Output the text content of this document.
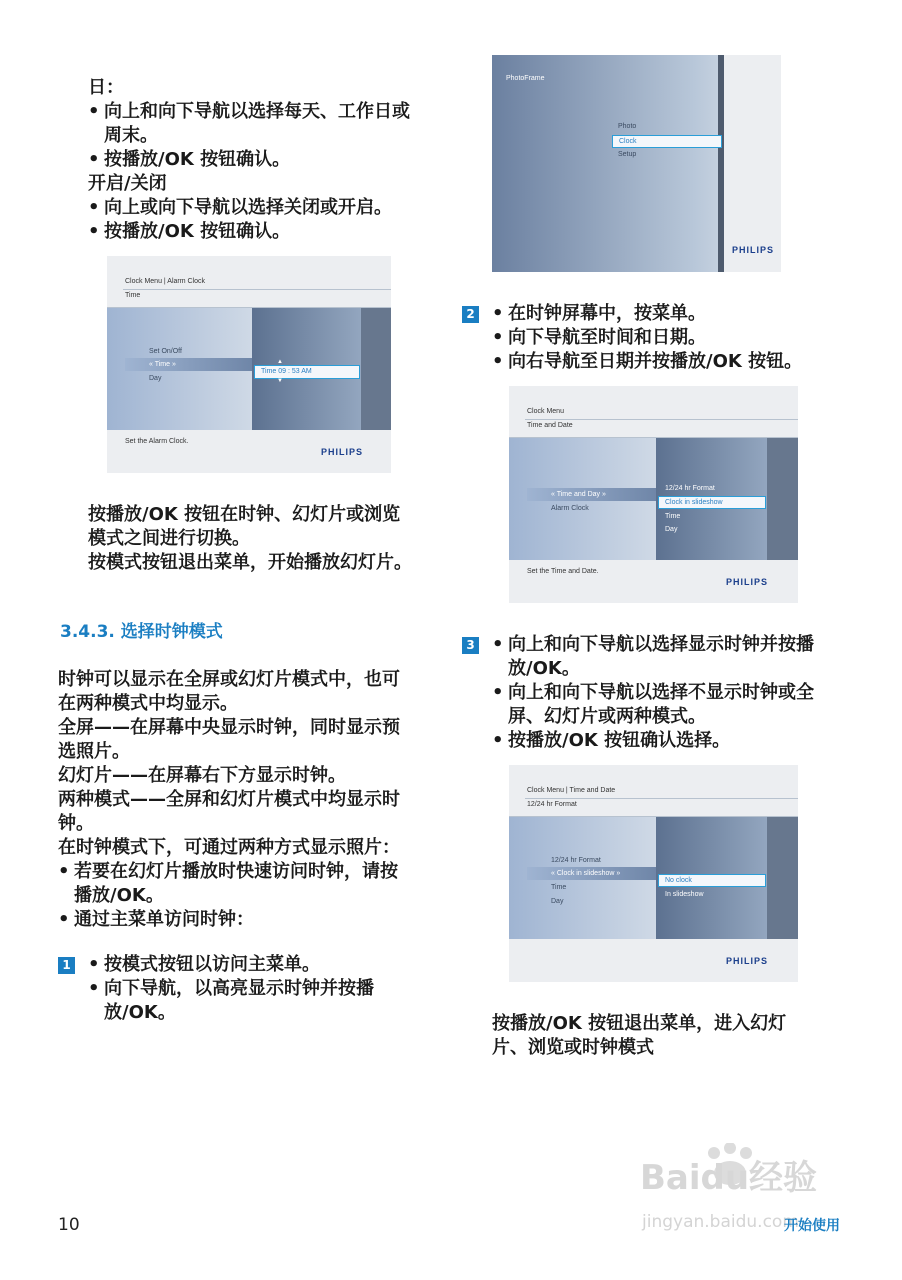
日：
• 向上和向下导航以选择每天、工作日或
周末。
• 按播放/OK 按钮确认。
开启/关闭
• 向上或向下导航以选择关闭或开启。
• 按播放/OK 按钮确认。
Clock Menu | Alarm Clock
Time
Set On/Off
« Time »
Day
Time 09 : 53 AM
▲
▼
Set the Alarm Clock.
PHILIPS
按播放/OK 按钮在时钟、幻灯片或浏览
模式之间进行切换。
按模式按钮退出菜单，开始播放幻灯片。
3.4.3. 选择时钟模式
时钟可以显示在全屏或幻灯片模式中，也可
在两种模式中均显示。
全屏——在屏幕中央显示时钟，同时显示预
选照片。
幻灯片——在屏幕右下方显示时钟。
两种模式——全屏和幻灯片模式中均显示时
钟。
在时钟模式下，可通过两种方式显示照片：
• 若要在幻灯片播放时快速访问时钟，请按
播放/OK。
• 通过主菜单访问时钟：
1	• 按模式按钮以访问主菜单。
• 向下导航，以高亮显示时钟并按播
放/OK。
PhotoFrame
Photo
Clock
Setup
PHILIPS
2	• 在时钟屏幕中，按菜单。
• 向下导航至时间和日期。
• 向右导航至日期并按播放/OK 按钮。
Clock Menu
Time and Date
« Time and Day »
Alarm Clock
12/24 hr Format
Clock in slideshow
Time
Day
Set the Time and Date.
PHILIPS
3	• 向上和向下导航以选择显示时钟并按播
放/OK。
• 向上和向下导航以选择不显示时钟或全
屏、幻灯片或两种模式。
• 按播放/OK 按钮确认选择。
Clock Menu | Time and Date
12/24 hr Format
12/24 hr Format
« Clock in slideshow »
Time
Day
No clock
In slideshow
PHILIPS
按播放/OK 按钮退出菜单，进入幻灯
片、浏览或时钟模式
10
Baidu经验
jingyan.baidu.com
开始使用
